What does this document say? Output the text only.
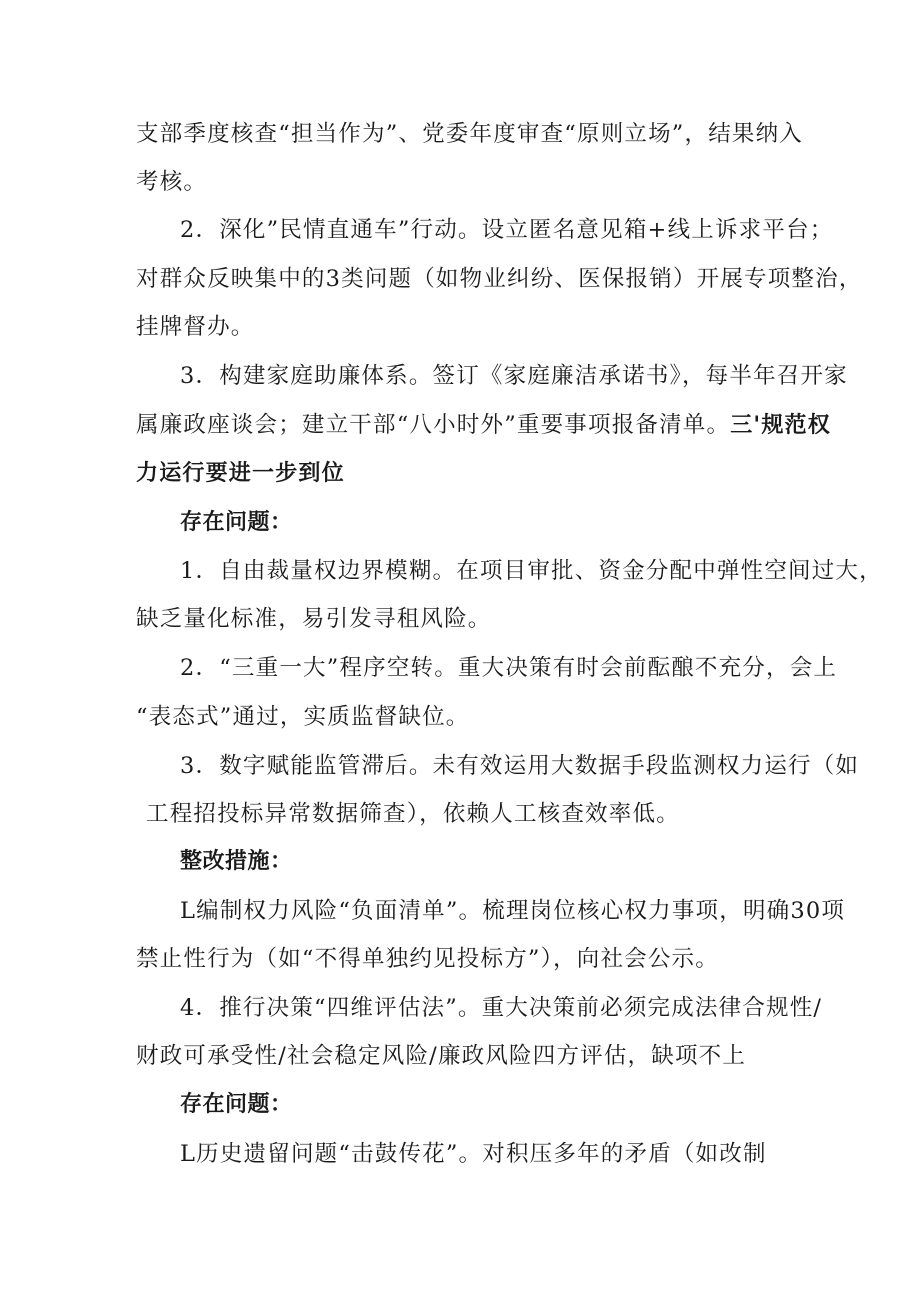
支部季度核查“担当作为”、党委年度审查“原则立场”，结果纳入
考核。
2．深化”民情直通车”行动。设立匿名意见箱+线上诉求平台；
对群众反映集中的3类问题（如物业纠纷、医保报销）开展专项整治，
挂牌督办。
3．构建家庭助廉体系。签订《家庭廉洁承诺书》，每半年召开家
属廉政座谈会；建立干部“八小时外”重要事项报备清单。三'规范权
力运行要进一步到位
存在问题：
1．自由裁量权边界模糊。在项目审批、资金分配中弹性空间过大，
缺乏量化标准，易引发寻租风险。
2．“三重一大”程序空转。重大决策有时会前酝酿不充分，会上
“表态式”通过，实质监督缺位。
3．数字赋能监管滞后。未有效运用大数据手段监测权力运行（如
工程招投标异常数据筛查），依赖人工核查效率低。
整改措施：
L编制权力风险“负面清单”。梳理岗位核心权力事项，明确30项
禁止性行为（如“不得单独约见投标方”），向社会公示。
4．推行决策“四维评估法”。重大决策前必须完成法律合规性/
财政可承受性/社会稳定风险/廉政风险四方评估，缺项不上
存在问题：
L历史遗留问题“击鼓传花”。对积压多年的矛盾（如改制
